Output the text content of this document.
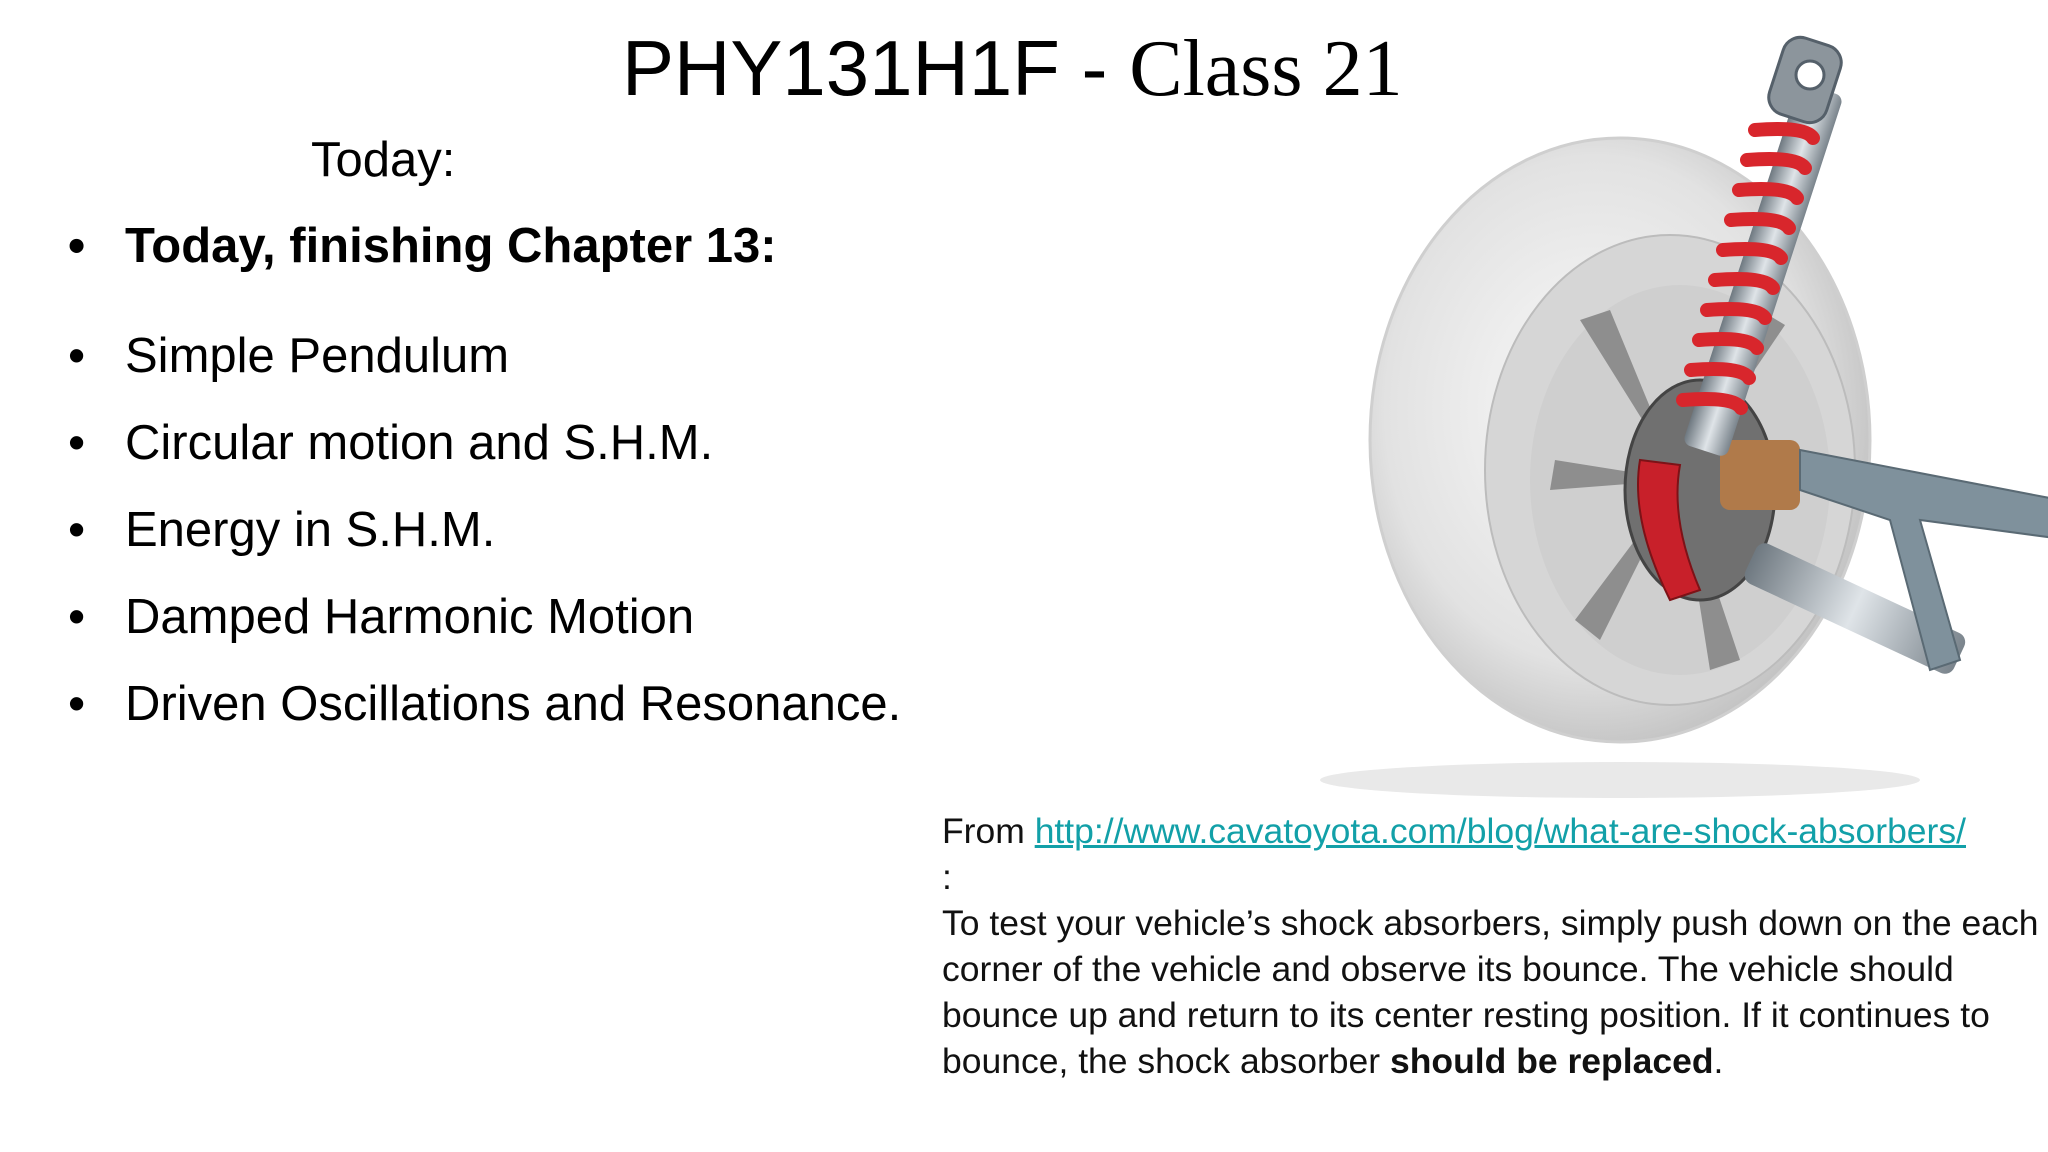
PHY131H1F - Class 21
Today:
• Today, finishing Chapter 13:
• Simple Pendulum
• Circular motion and S.H.M.
• Energy in S.H.M.
• Damped Harmonic Motion
• Driven Oscillations and Resonance.
From http://www.cavatoyota.com/blog/what-are-shock-absorbers/
:
To test your vehicle’s shock absorbers, simply push down on the each corner of the vehicle and observe its bounce. The vehicle should bounce up and return to its center resting position. If it continues to bounce, the shock absorber should be replaced.
